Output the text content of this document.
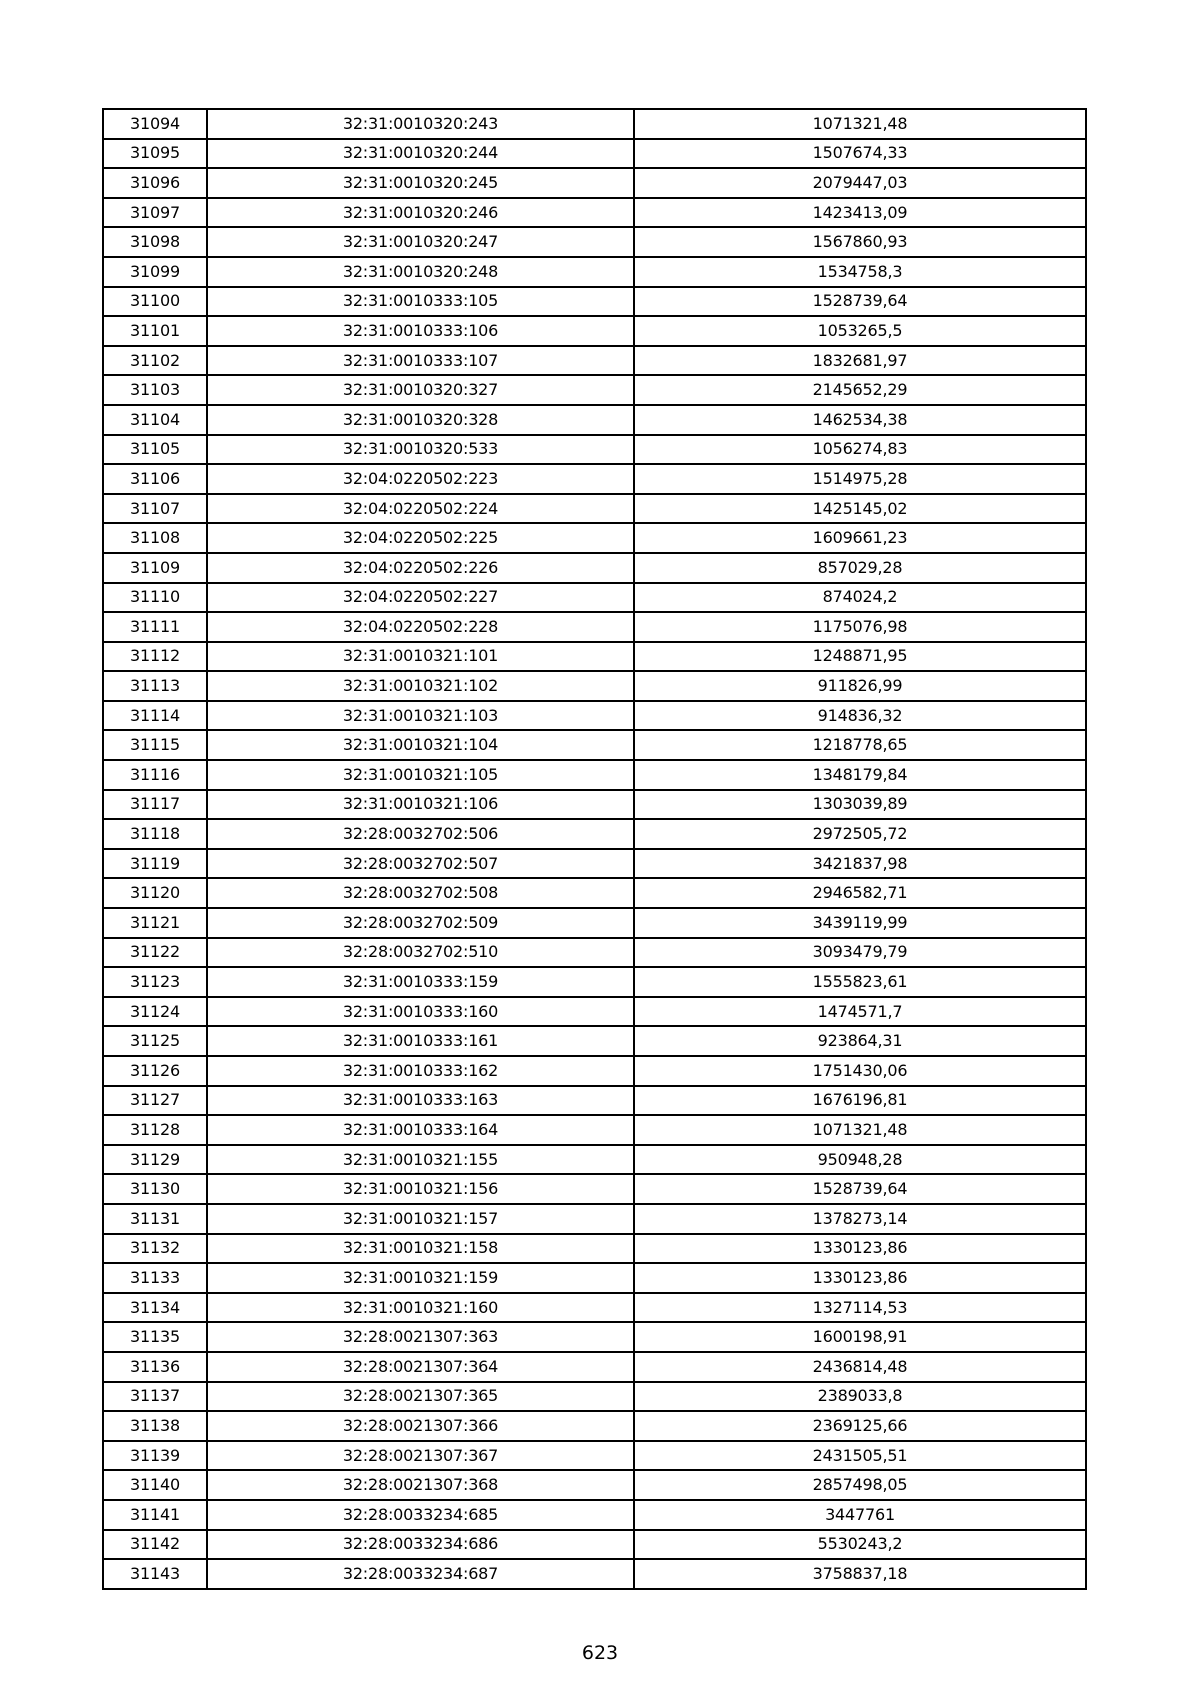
31094	32:31:0010320:243	1071321,48
31095	32:31:0010320:244	1507674,33
31096	32:31:0010320:245	2079447,03
31097	32:31:0010320:246	1423413,09
31098	32:31:0010320:247	1567860,93
31099	32:31:0010320:248	1534758,3
31100	32:31:0010333:105	1528739,64
31101	32:31:0010333:106	1053265,5
31102	32:31:0010333:107	1832681,97
31103	32:31:0010320:327	2145652,29
31104	32:31:0010320:328	1462534,38
31105	32:31:0010320:533	1056274,83
31106	32:04:0220502:223	1514975,28
31107	32:04:0220502:224	1425145,02
31108	32:04:0220502:225	1609661,23
31109	32:04:0220502:226	857029,28
31110	32:04:0220502:227	874024,2
31111	32:04:0220502:228	1175076,98
31112	32:31:0010321:101	1248871,95
31113	32:31:0010321:102	911826,99
31114	32:31:0010321:103	914836,32
31115	32:31:0010321:104	1218778,65
31116	32:31:0010321:105	1348179,84
31117	32:31:0010321:106	1303039,89
31118	32:28:0032702:506	2972505,72
31119	32:28:0032702:507	3421837,98
31120	32:28:0032702:508	2946582,71
31121	32:28:0032702:509	3439119,99
31122	32:28:0032702:510	3093479,79
31123	32:31:0010333:159	1555823,61
31124	32:31:0010333:160	1474571,7
31125	32:31:0010333:161	923864,31
31126	32:31:0010333:162	1751430,06
31127	32:31:0010333:163	1676196,81
31128	32:31:0010333:164	1071321,48
31129	32:31:0010321:155	950948,28
31130	32:31:0010321:156	1528739,64
31131	32:31:0010321:157	1378273,14
31132	32:31:0010321:158	1330123,86
31133	32:31:0010321:159	1330123,86
31134	32:31:0010321:160	1327114,53
31135	32:28:0021307:363	1600198,91
31136	32:28:0021307:364	2436814,48
31137	32:28:0021307:365	2389033,8
31138	32:28:0021307:366	2369125,66
31139	32:28:0021307:367	2431505,51
31140	32:28:0021307:368	2857498,05
31141	32:28:0033234:685	3447761
31142	32:28:0033234:686	5530243,2
31143	32:28:0033234:687	3758837,18
623
